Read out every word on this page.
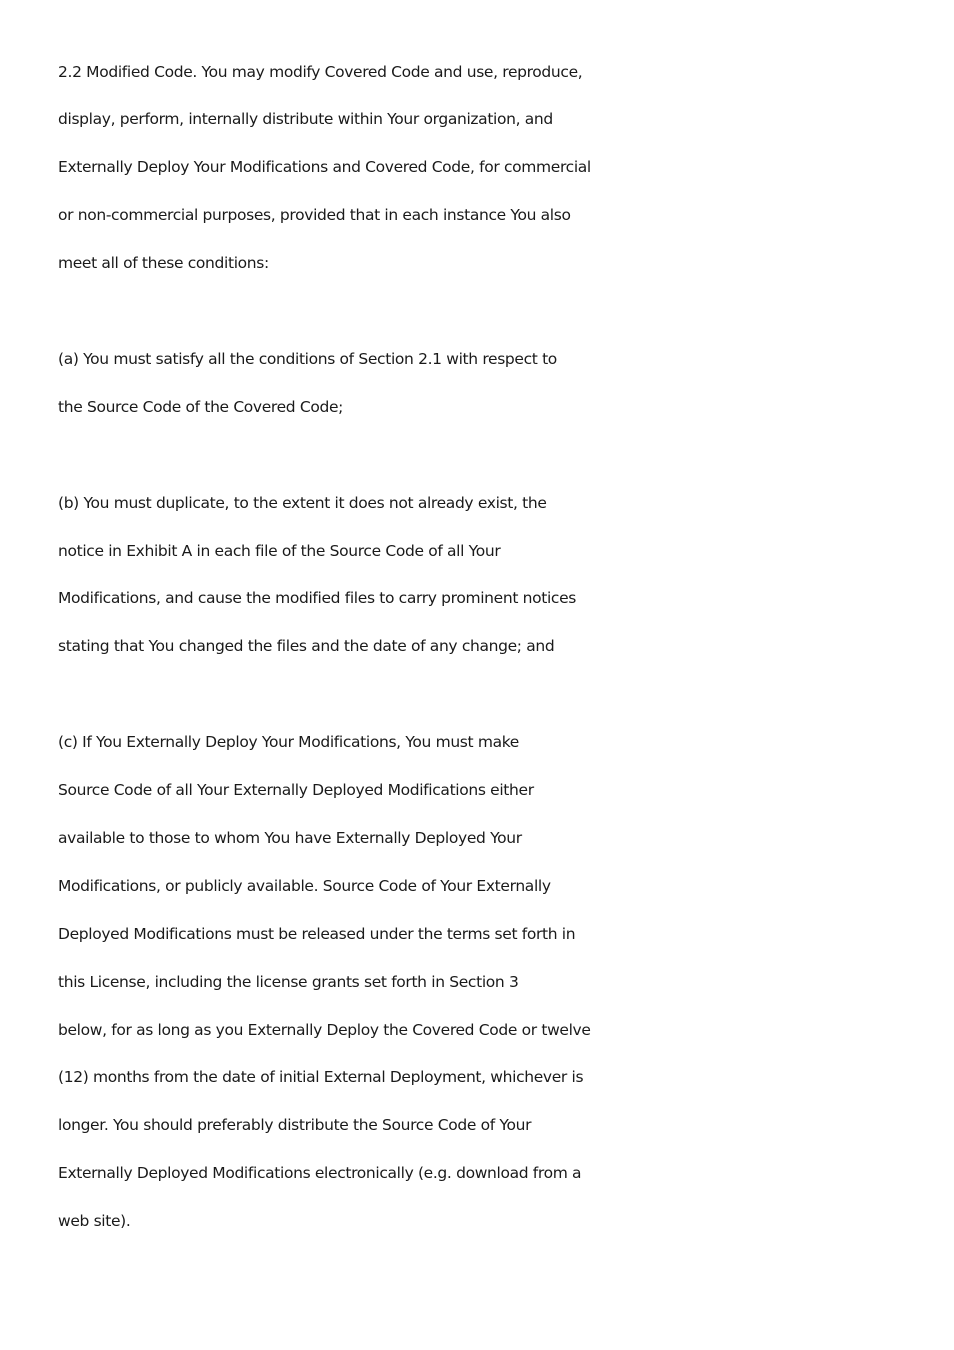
2.2 Modified Code. You may modify Covered Code and use, reproduce,
display, perform, internally distribute within Your organization, and
Externally Deploy Your Modifications and Covered Code, for commercial
or non-commercial purposes, provided that in each instance You also
meet all of these conditions:
(a) You must satisfy all the conditions of Section 2.1 with respect to
the Source Code of the Covered Code;
(b) You must duplicate, to the extent it does not already exist, the
notice in Exhibit A in each file of the Source Code of all Your
Modifications, and cause the modified files to carry prominent notices
stating that You changed the files and the date of any change; and
(c) If You Externally Deploy Your Modifications, You must make
Source Code of all Your Externally Deployed Modifications either
available to those to whom You have Externally Deployed Your
Modifications, or publicly available. Source Code of Your Externally
Deployed Modifications must be released under the terms set forth in
this License, including the license grants set forth in Section 3
below, for as long as you Externally Deploy the Covered Code or twelve
(12) months from the date of initial External Deployment, whichever is
longer. You should preferably distribute the Source Code of Your
Externally Deployed Modifications electronically (e.g. download from a
web site).
